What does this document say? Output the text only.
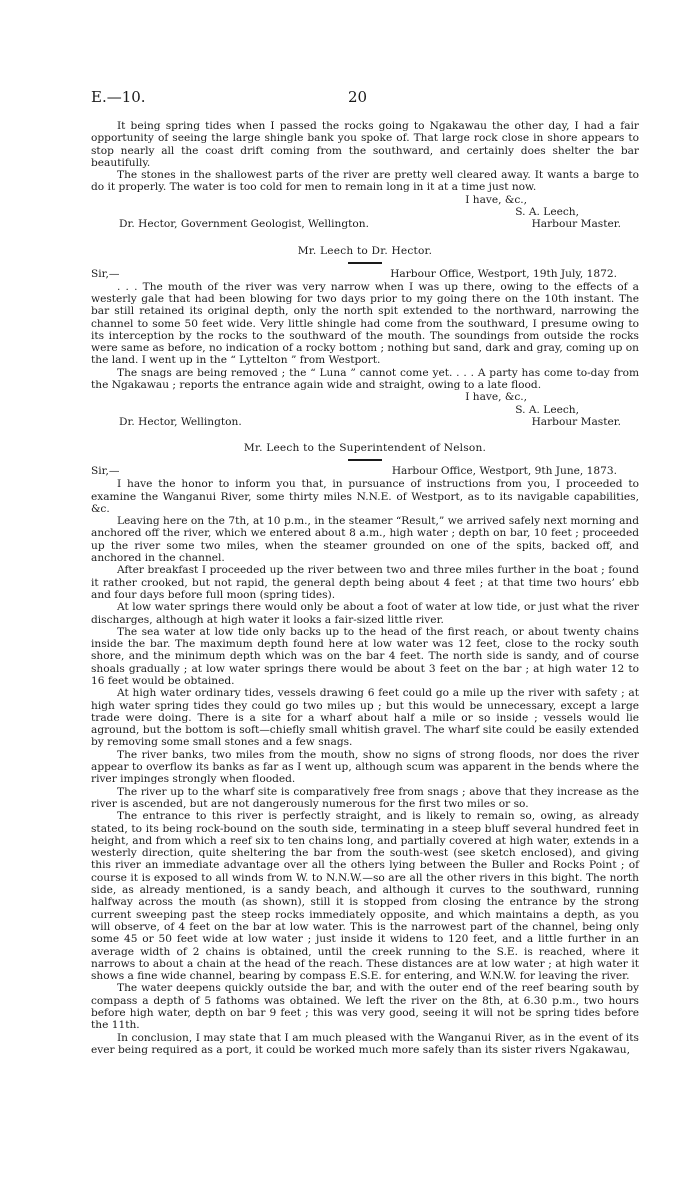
E.—10.	20

It being spring tides when I passed the rocks going to Ngakawau the other day, I had a fair opportunity of seeing the large shingle bank you spoke of. That large rock close in shore appears to stop nearly all the coast drift coming from the southward, and certainly does shelter the bar beautifully.

The stones in the shallowest parts of the river are pretty well cleared away. It wants a barge to do it properly. The water is too cold for men to remain long in it at a time just now.

I have, &c.,
S. A. Leech,
Dr. Hector, Government Geologist, Wellington.	Harbour Master.
Mr. Leech to Dr. Hector.
Sir,—	Harbour Office, Westport, 19th July, 1872.

. . . The mouth of the river was very narrow when I was up there, owing to the effects of a westerly gale that had been blowing for two days prior to my going there on the 10th instant. The bar still retained its original depth, only the north spit extended to the northward, narrowing the channel to some 50 feet wide. Very little shingle had come from the southward, I presume owing to its interception by the rocks to the southward of the mouth. The soundings from outside the rocks were same as before, no indication of a rocky bottom ; nothing but sand, dark and gray, coming up on the land. I went up in the “ Lyttelton ” from Westport.

The snags are being removed ; the “ Luna ” cannot come yet. . . . A party has come to-day from the Ngakawau ; reports the entrance again wide and straight, owing to a late flood.

I have, &c.,
S. A. Leech,
Dr. Hector, Wellington.	Harbour Master.
Mr. Leech to the Superintendent of Nelson.
Sir,—	Harbour Office, Westport, 9th June, 1873.

I have the honor to inform you that, in pursuance of instructions from you, I proceeded to examine the Wanganui River, some thirty miles N.N.E. of Westport, as to its navigable capabilities, &c.

Leaving here on the 7th, at 10 p.m., in the steamer “Result,” we arrived safely next morning and anchored off the river, which we entered about 8 a.m., high water ; depth on bar, 10 feet ; proceeded up the river some two miles, when the steamer grounded on one of the spits, backed off, and anchored in the channel.

After breakfast I proceeded up the river between two and three miles further in the boat ; found it rather crooked, but not rapid, the general depth being about 4 feet ; at that time two hours’ ebb and four days before full moon (spring tides).

At low water springs there would only be about a foot of water at low tide, or just what the river discharges, although at high water it looks a fair-sized little river.

The sea water at low tide only backs up to the head of the first reach, or about twenty chains inside the bar. The maximum depth found here at low water was 12 feet, close to the rocky south shore, and the minimum depth which was on the bar 4 feet. The north side is sandy, and of course shoals gradually ; at low water springs there would be about 3 feet on the bar ; at high water 12 to 16 feet would be obtained.

At high water ordinary tides, vessels drawing 6 feet could go a mile up the river with safety ; at high water spring tides they could go two miles up ; but this would be unnecessary, except a large trade were doing. There is a site for a wharf about half a mile or so inside ; vessels would lie aground, but the bottom is soft—chiefly small whitish gravel. The wharf site could be easily extended by removing some small stones and a few snags.

The river banks, two miles from the mouth, show no signs of strong floods, nor does the river appear to overflow its banks as far as I went up, although scum was apparent in the bends where the river impinges strongly when flooded.

The river up to the wharf site is comparatively free from snags ; above that they increase as the river is ascended, but are not dangerously numerous for the first two miles or so.

The entrance to this river is perfectly straight, and is likely to remain so, owing, as already stated, to its being rock-bound on the south side, terminating in a steep bluff several hundred feet in height, and from which a reef six to ten chains long, and partially covered at high water, extends in a westerly direction, quite sheltering the bar from the south-west (see sketch enclosed), and giving this river an immediate advantage over all the others lying between the Buller and Rocks Point ; of course it is exposed to all winds from W. to N.N.W.—so are all the other rivers in this bight. The north side, as already mentioned, is a sandy beach, and although it curves to the southward, running halfway across the mouth (as shown), still it is stopped from closing the entrance by the strong current sweeping past the steep rocks immediately opposite, and which maintains a depth, as you will observe, of 4 feet on the bar at low water. This is the narrowest part of the channel, being only some 45 or 50 feet wide at low water ; just inside it widens to 120 feet, and a little further in an average width of 2 chains is obtained, until the creek running to the S.E. is reached, where it narrows to about a chain at the head of the reach. These distances are at low water ; at high water it shows a fine wide channel, bearing by compass E.S.E. for entering, and W.N.W. for leaving the river.

The water deepens quickly outside the bar, and with the outer end of the reef bearing south by compass a depth of 5 fathoms was obtained. We left the river on the 8th, at 6.30 p.m., two hours before high water, depth on bar 9 feet ; this was very good, seeing it will not be spring tides before the 11th.

In conclusion, I may state that I am much pleased with the Wanganui River, as in the event of its ever being required as a port, it could be worked much more safely than its sister rivers Ngakawau,
